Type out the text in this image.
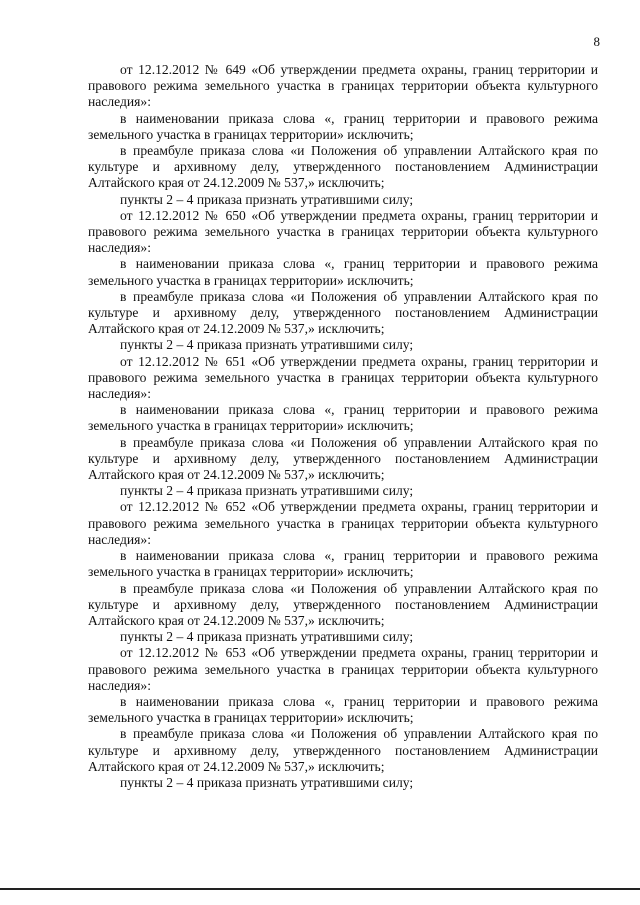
8

от 12.12.2012 № 649 «Об утверждении предмета охраны, границ территории и правового режима земельного участка в границах территории объекта культурного наследия»:

в наименовании приказа слова «, границ территории и правового режима земельного участка в границах территории» исключить;

в преамбуле приказа слова «и Положения об управлении Алтайского края по культуре и архивному делу, утвержденного постановлением Администрации Алтайского края от 24.12.2009 № 537,» исключить;

пункты 2 – 4 приказа признать утратившими силу;

от 12.12.2012 № 650 «Об утверждении предмета охраны, границ территории и правового режима земельного участка в границах территории объекта культурного наследия»:

в наименовании приказа слова «, границ территории и правового режима земельного участка в границах территории» исключить;

в преамбуле приказа слова «и Положения об управлении Алтайского края по культуре и архивному делу, утвержденного постановлением Администрации Алтайского края от 24.12.2009 № 537,» исключить;

пункты 2 – 4 приказа признать утратившими силу;

от 12.12.2012 № 651 «Об утверждении предмета охраны, границ территории и правового режима земельного участка в границах территории объекта культурного наследия»:

в наименовании приказа слова «, границ территории и правового режима земельного участка в границах территории» исключить;

в преамбуле приказа слова «и Положения об управлении Алтайского края по культуре и архивному делу, утвержденного постановлением Администрации Алтайского края от 24.12.2009 № 537,» исключить;

пункты 2 – 4 приказа признать утратившими силу;

от 12.12.2012 № 652 «Об утверждении предмета охраны, границ территории и правового режима земельного участка в границах территории объекта культурного наследия»:

в наименовании приказа слова «, границ территории и правового режима земельного участка в границах территории» исключить;

в преамбуле приказа слова «и Положения об управлении Алтайского края по культуре и архивному делу, утвержденного постановлением Администрации Алтайского края от 24.12.2009 № 537,» исключить;

пункты 2 – 4 приказа признать утратившими силу;

от 12.12.2012 № 653 «Об утверждении предмета охраны, границ территории и правового режима земельного участка в границах территории объекта культурного наследия»:

в наименовании приказа слова «, границ территории и правового режима земельного участка в границах территории» исключить;

в преамбуле приказа слова «и Положения об управлении Алтайского края по культуре и архивному делу, утвержденного постановлением Администрации Алтайского края от 24.12.2009 № 537,» исключить;

пункты 2 – 4 приказа признать утратившими силу;
